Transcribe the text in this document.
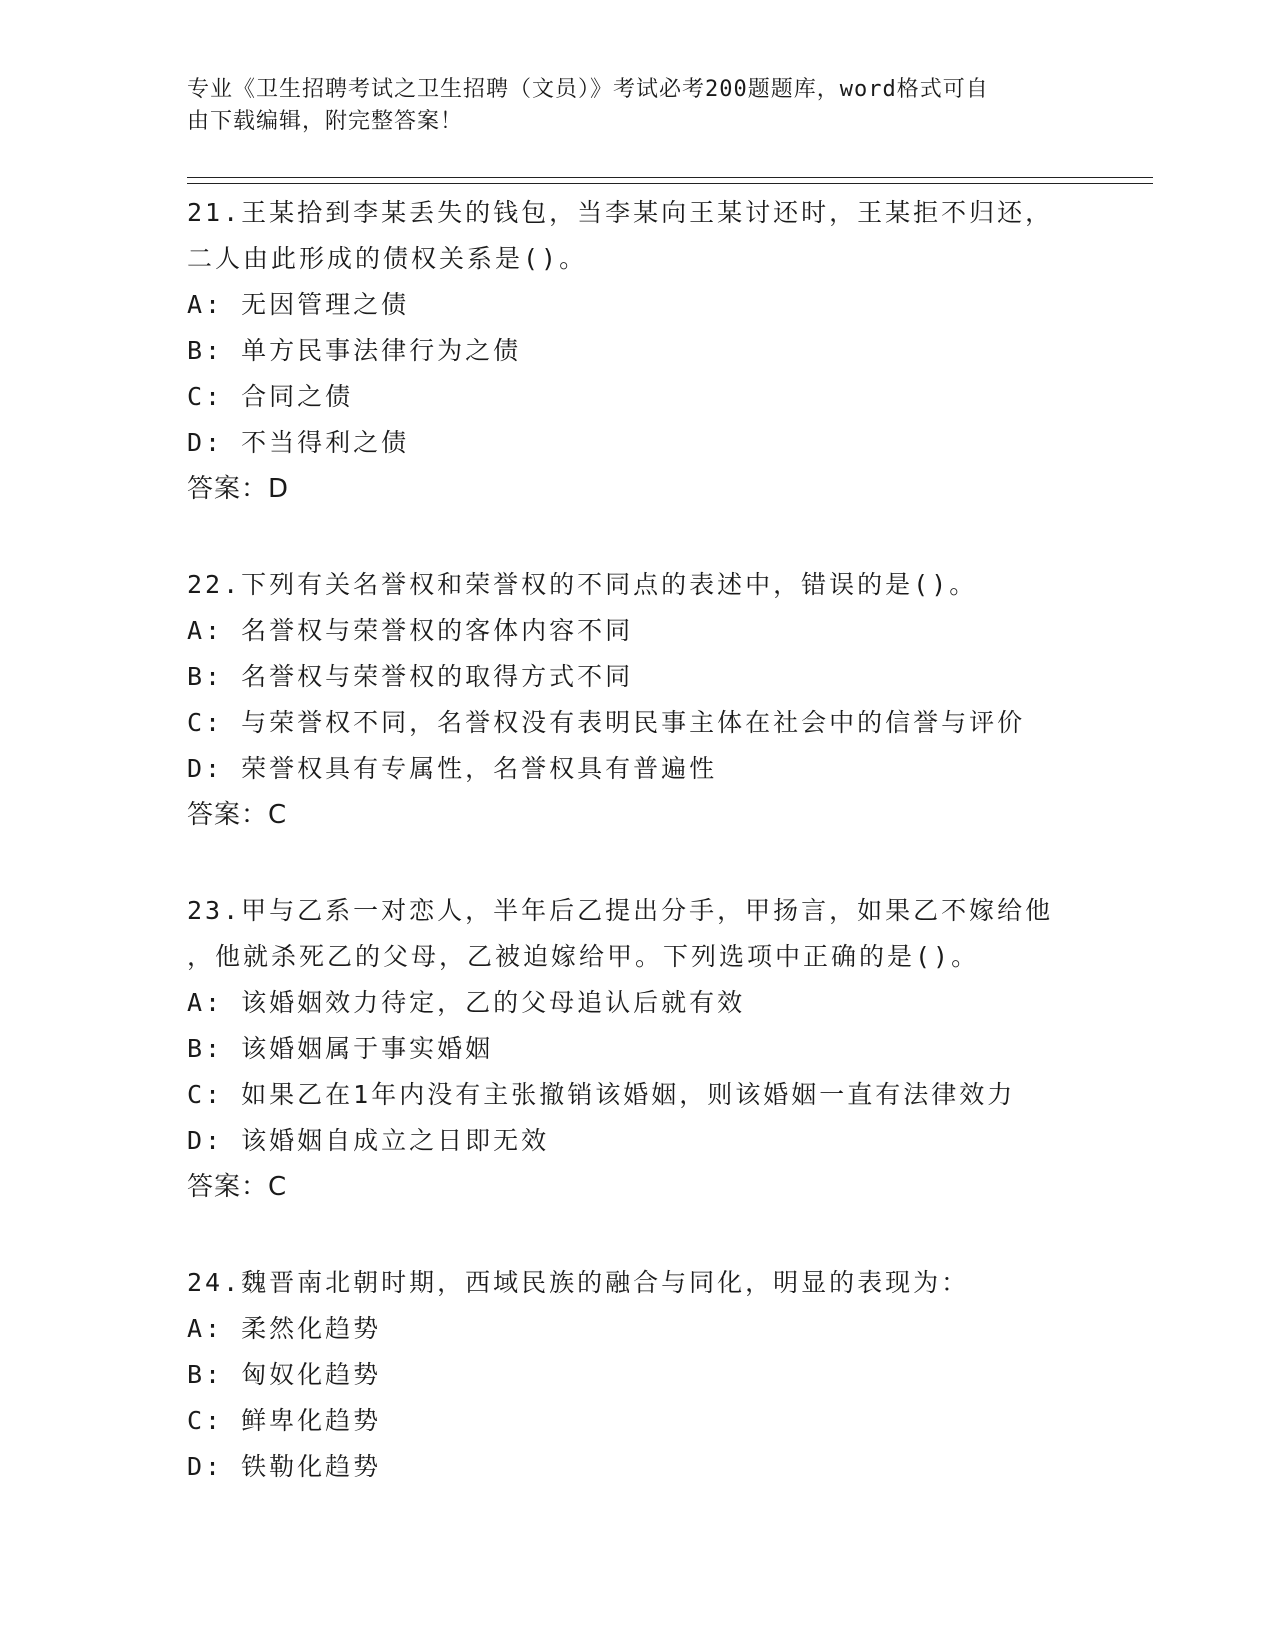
专业《卫生招聘考试之卫生招聘（文员）》考试必考200题题库，word格式可自
由下载编辑，附完整答案！

21.王某拾到李某丢失的钱包，当李某向王某讨还时，王某拒不归还，

二人由此形成的债权关系是()。

A: 无因管理之债

B: 单方民事法律行为之债

C: 合同之债

D: 不当得利之债

答案：D

22.下列有关名誉权和荣誉权的不同点的表述中，错误的是()。

A: 名誉权与荣誉权的客体内容不同

B: 名誉权与荣誉权的取得方式不同

C: 与荣誉权不同，名誉权没有表明民事主体在社会中的信誉与评价

D: 荣誉权具有专属性，名誉权具有普遍性

答案：C

23.甲与乙系一对恋人，半年后乙提出分手，甲扬言，如果乙不嫁给他

，他就杀死乙的父母，乙被迫嫁给甲。下列选项中正确的是()。

A: 该婚姻效力待定，乙的父母追认后就有效

B: 该婚姻属于事实婚姻

C: 如果乙在1年内没有主张撤销该婚姻，则该婚姻一直有法律效力

D: 该婚姻自成立之日即无效

答案：C

24.魏晋南北朝时期，西域民族的融合与同化，明显的表现为：

A: 柔然化趋势

B: 匈奴化趋势

C: 鲜卑化趋势

D: 铁勒化趋势
